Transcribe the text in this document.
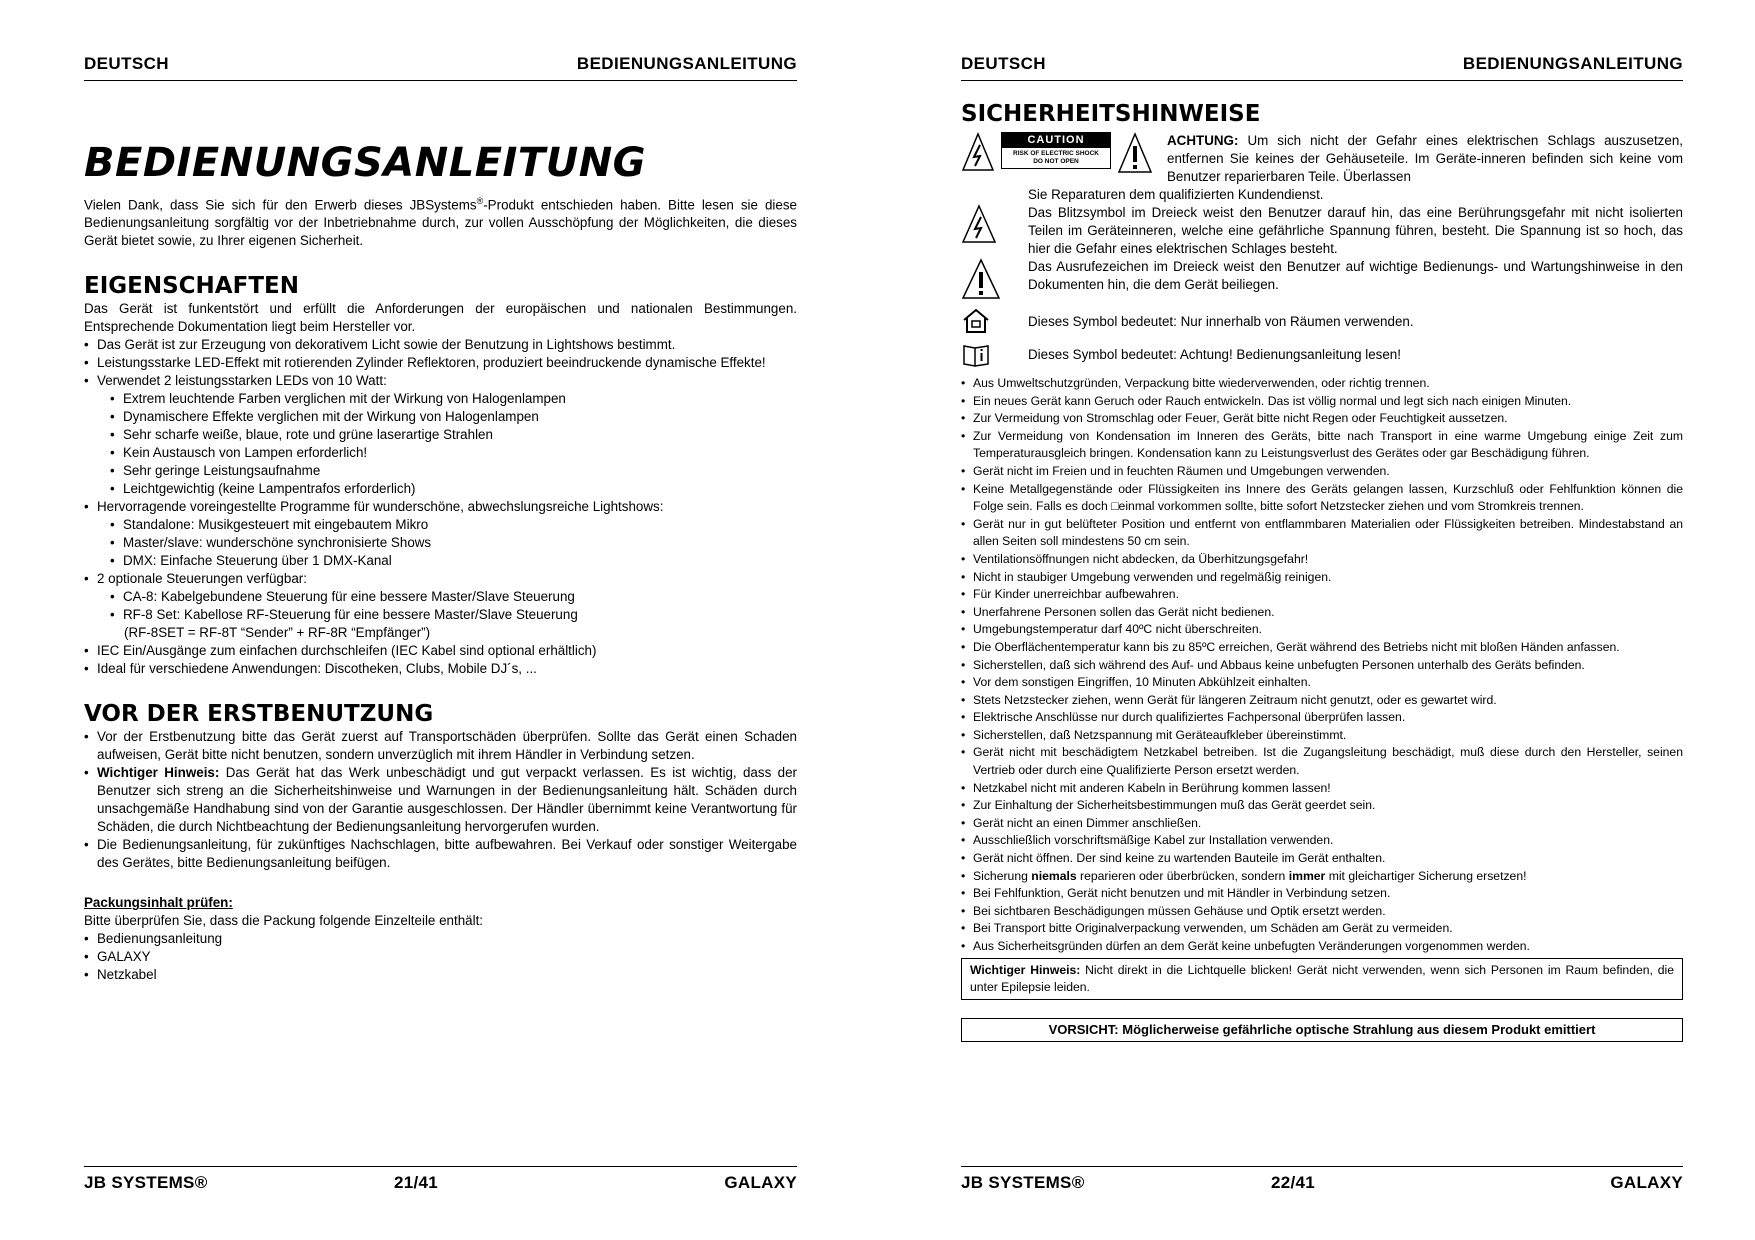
DEUTSCH	BEDIENUNGSANLEITUNG
BEDIENUNGSANLEITUNG

Vielen Dank, dass Sie sich für den Erwerb dieses JBSystems®-Produkt entschieden haben. Bitte lesen sie diese Bedienungsanleitung sorgfältig vor der Inbetriebnahme durch, zur vollen Ausschöpfung der Möglichkeiten, die dieses Gerät bietet sowie, zu Ihrer eigenen Sicherheit.

EIGENSCHAFTEN

Das Gerät ist funkentstört und erfüllt die Anforderungen der europäischen und nationalen Bestimmungen. Entsprechende Dokumentation liegt beim Hersteller vor.

• Das Gerät ist zur Erzeugung von dekorativem Licht sowie der Benutzung in Lightshows bestimmt.
• Leistungsstarke LED-Effekt mit rotierenden Zylinder Reflektoren, produziert beeindruckende dynamische Effekte!
• Verwendet 2 leistungsstarken LEDs von 10 Watt:
• Extrem leuchtende Farben verglichen mit der Wirkung von Halogenlampen
• Dynamischere Effekte verglichen mit der Wirkung von Halogenlampen
• Sehr scharfe weiße, blaue, rote und grüne laserartige Strahlen
• Kein Austausch von Lampen erforderlich!
• Sehr geringe Leistungsaufnahme
• Leichtgewichtig (keine Lampentrafos erforderlich)
• Hervorragende voreingestellte Programme für wunderschöne, abwechslungsreiche Lightshows:
• Standalone: Musikgesteuert mit eingebautem Mikro
• Master/slave: wunderschöne synchronisierte Shows
• DMX: Einfache Steuerung über 1 DMX-Kanal
• 2 optionale Steuerungen verfügbar:
• CA-8: Kabelgebundene Steuerung für eine bessere Master/Slave Steuerung
• RF-8 Set: Kabellose RF-Steuerung für eine bessere Master/Slave Steuerung
(RF-8SET = RF-8T “Sender” + RF-8R “Empfänger”)
• IEC Ein/Ausgänge zum einfachen durchschleifen (IEC Kabel sind optional erhältlich)
• Ideal für verschiedene Anwendungen: Discotheken, Clubs, Mobile DJ´s, ...
VOR DER ERSTBENUTZUNG
• Vor der Erstbenutzung bitte das Gerät zuerst auf Transportschäden überprüfen. Sollte das Gerät einen Schaden aufweisen, Gerät bitte nicht benutzen, sondern unverzüglich mit ihrem Händler in Verbindung setzen.
• Wichtiger Hinweis: Das Gerät hat das Werk unbeschädigt und gut verpackt verlassen. Es ist wichtig, dass der Benutzer sich streng an die Sicherheitshinweise und Warnungen in der Bedienungsanleitung hält. Schäden durch unsachgemäße Handhabung sind von der Garantie ausgeschlossen. Der Händler übernimmt keine Verantwortung für Schäden, die durch Nichtbeachtung der Bedienungsanleitung hervorgerufen wurden.
• Die Bedienungsanleitung, für zukünftiges Nachschlagen, bitte aufbewahren. Bei Verkauf oder sonstiger Weitergabe des Gerätes, bitte Bedienungsanleitung beifügen.
Packungsinhalt prüfen:

Bitte überprüfen Sie, dass die Packung folgende Einzelteile enthält:

• Bedienungsanleitung
• GALAXY
• Netzkabel
JB SYSTEMS®	21/41	GALAXY
DEUTSCH	BEDIENUNGSANLEITUNG
SICHERHEITSHINWEISE
CAUTION
RISK OF ELECTRIC SHOCK
DO NOT OPEN

ACHTUNG: Um sich nicht der Gefahr eines elektrischen Schlags auszusetzen, entfernen Sie keines der Gehäuseteile. Im Geräte-inneren befinden sich keine vom Benutzer reparierbaren Teile. Überlassen

Sie Reparaturen dem qualifizierten Kundendienst.

Das Blitzsymbol im Dreieck weist den Benutzer darauf hin, das eine Berührungsgefahr mit nicht isolierten Teilen im Geräteinneren, welche eine gefährliche Spannung führen, besteht. Die Spannung ist so hoch, das hier die Gefahr eines elektrischen Schlages besteht.
Das Ausrufezeichen im Dreieck weist den Benutzer auf wichtige Bedienungs- und Wartungshinweise in den Dokumenten hin, die dem Gerät beiliegen.
Dieses Symbol bedeutet: Nur innerhalb von Räumen verwenden.
Dieses Symbol bedeutet: Achtung! Bedienungsanleitung lesen!
• Aus Umweltschutzgründen, Verpackung bitte wiederverwenden, oder richtig trennen.
• Ein neues Gerät kann Geruch oder Rauch entwickeln. Das ist völlig normal und legt sich nach einigen Minuten.
• Zur Vermeidung von Stromschlag oder Feuer, Gerät bitte nicht Regen oder Feuchtigkeit aussetzen.
• Zur Vermeidung von Kondensation im Inneren des Geräts, bitte nach Transport in eine warme Umgebung einige Zeit zum Temperaturausgleich bringen. Kondensation kann zu Leistungsverlust des Gerätes oder gar Beschädigung führen.
• Gerät nicht im Freien und in feuchten Räumen und Umgebungen verwenden.
• Keine Metallgegenstände oder Flüssigkeiten ins Innere des Geräts gelangen lassen, Kurzschluß oder Fehlfunktion können die Folge sein. Falls es doch □einmal vorkommen sollte, bitte sofort Netzstecker ziehen und vom Stromkreis trennen.
• Gerät nur in gut belüfteter Position und entfernt von entflammbaren Materialien oder Flüssigkeiten betreiben. Mindestabstand an allen Seiten soll mindestens 50 cm sein.
• Ventilationsöffnungen nicht abdecken, da Überhitzungsgefahr!
• Nicht in staubiger Umgebung verwenden und regelmäßig reinigen.
• Für Kinder unerreichbar aufbewahren.
• Unerfahrene Personen sollen das Gerät nicht bedienen.
• Umgebungstemperatur darf 40ºC nicht überschreiten.
• Die Oberflächentemperatur kann bis zu 85ºC erreichen, Gerät während des Betriebs nicht mit bloßen Händen anfassen.
• Sicherstellen, daß sich während des Auf- und Abbaus keine unbefugten Personen unterhalb des Geräts befinden.
• Vor dem sonstigen Eingriffen, 10 Minuten Abkühlzeit einhalten.
• Stets Netzstecker ziehen, wenn Gerät für längeren Zeitraum nicht genutzt, oder es gewartet wird.
• Elektrische Anschlüsse nur durch qualifiziertes Fachpersonal überprüfen lassen.
• Sicherstellen, daß Netzspannung mit Geräteaufkleber übereinstimmt.
• Gerät nicht mit beschädigtem Netzkabel betreiben. Ist die Zugangsleitung beschädigt, muß diese durch den Hersteller, seinen Vertrieb oder durch eine Qualifizierte Person ersetzt werden.
• Netzkabel nicht mit anderen Kabeln in Berührung kommen lassen!
• Zur Einhaltung der Sicherheitsbestimmungen muß das Gerät geerdet sein.
• Gerät nicht an einen Dimmer anschließen.
• Ausschließlich vorschriftsmäßige Kabel zur Installation verwenden.
• Gerät nicht öffnen. Der sind keine zu wartenden Bauteile im Gerät enthalten.
• Sicherung niemals reparieren oder überbrücken, sondern immer mit gleichartiger Sicherung ersetzen!
• Bei Fehlfunktion, Gerät nicht benutzen und mit Händler in Verbindung setzen.
• Bei sichtbaren Beschädigungen müssen Gehäuse und Optik ersetzt werden.
• Bei Transport bitte Originalverpackung verwenden, um Schäden am Gerät zu vermeiden.
• Aus Sicherheitsgründen dürfen an dem Gerät keine unbefugten Veränderungen vorgenommen werden.
Wichtiger Hinweis: Nicht direkt in die Lichtquelle blicken! Gerät nicht verwenden, wenn sich Personen im Raum befinden, die unter Epilepsie leiden.
VORSICHT: Möglicherweise gefährliche optische Strahlung aus diesem Produkt emittiert
JB SYSTEMS®	22/41	GALAXY
